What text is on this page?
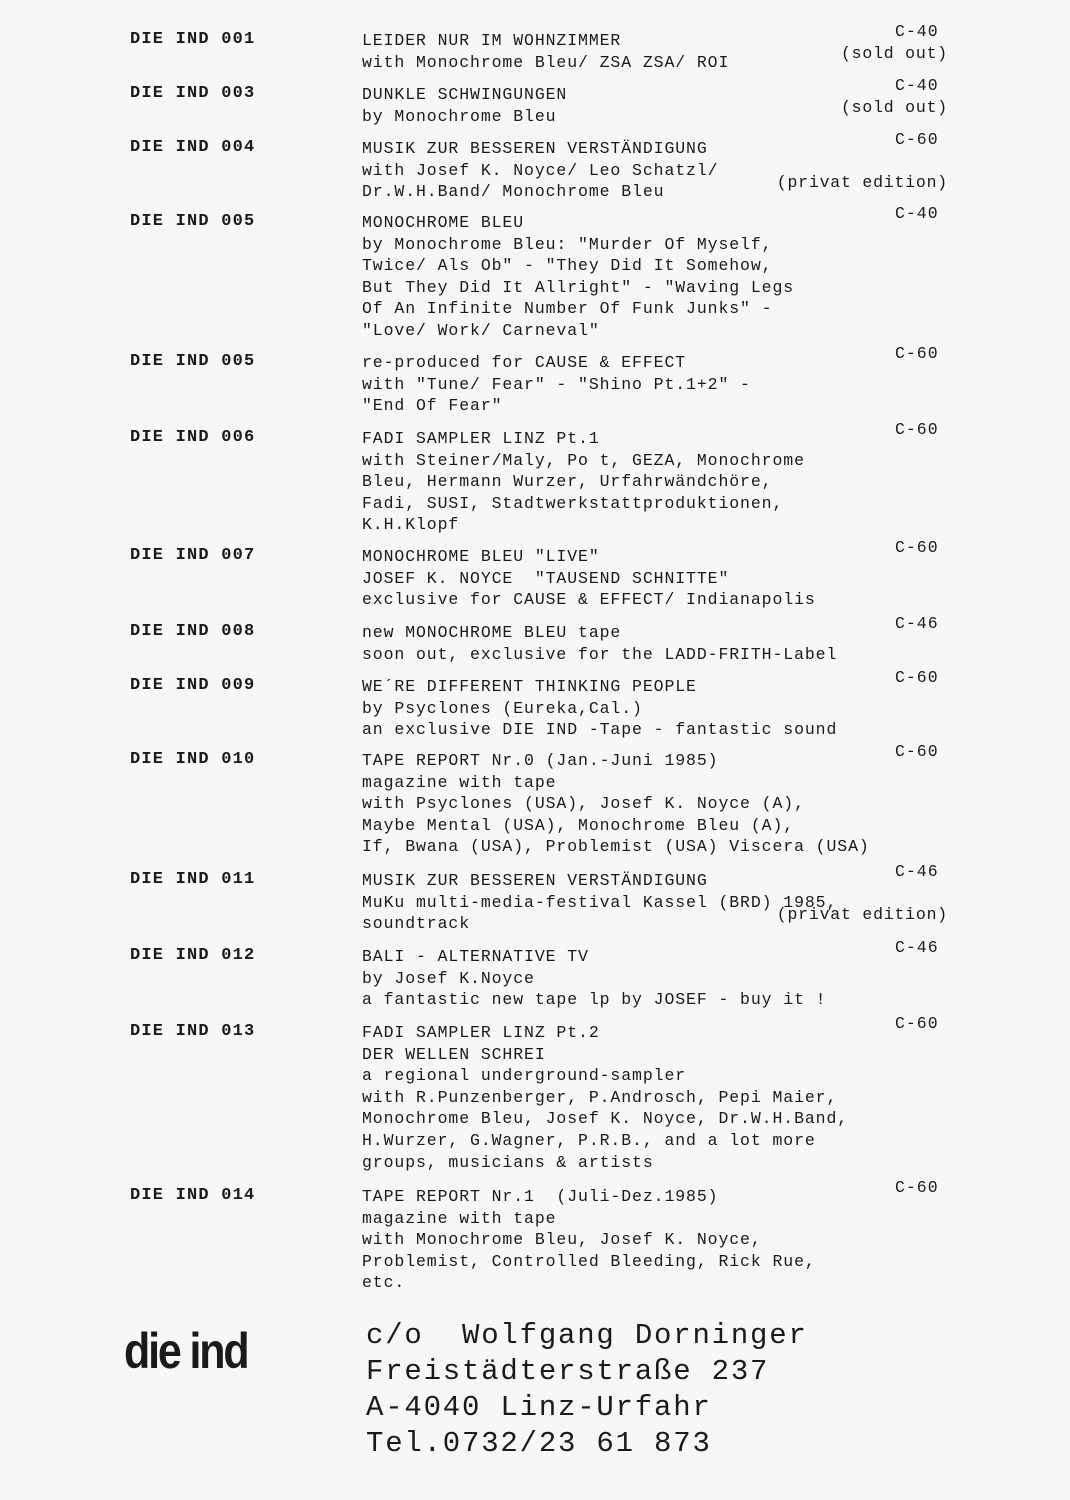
DIE IND 001	LEIDER NUR IM WOHNZIMMER
with Monochrome Bleu/ ZSA ZSA/ ROI
C-40
(sold out)
DIE IND 003	DUNKLE SCHWINGUNGEN
by Monochrome Bleu
C-40
(sold out)
DIE IND 004	MUSIK ZUR BESSEREN VERSTÄNDIGUNG
with Josef K. Noyce/ Leo Schatzl/
Dr.W.H.Band/ Monochrome Bleu
C-60
(privat edition)
DIE IND 005	MONOCHROME BLEU
by Monochrome Bleu: "Murder Of Myself,
Twice/ Als Ob" - "They Did It Somehow,
But They Did It Allright" - "Waving Legs
Of An Infinite Number Of Funk Junks" -
"Love/ Work/ Carneval"
C-40
DIE IND 005	re-produced for CAUSE & EFFECT
with "Tune/ Fear" - "Shino Pt.1+2" -
"End Of Fear"
C-60
DIE IND 006	FADI SAMPLER LINZ Pt.1
with Steiner/Maly, Po t, GEZA, Monochrome
Bleu, Hermann Wurzer, Urfahrwändchöre,
Fadi, SUSI, Stadtwerkstattproduktionen,
K.H.Klopf
C-60
DIE IND 007	MONOCHROME BLEU "LIVE"
JOSEF K. NOYCE  "TAUSEND SCHNITTE"
exclusive for CAUSE & EFFECT/ Indianapolis
C-60
DIE IND 008	new MONOCHROME BLEU tape
soon out, exclusive for the LADD-FRITH-Label
C-46
DIE IND 009	WE´RE DIFFERENT THINKING PEOPLE
by Psyclones (Eureka,Cal.)
an exclusive DIE IND -Tape - fantastic sound
C-60
DIE IND 010	TAPE REPORT Nr.0 (Jan.-Juni 1985)
magazine with tape
with Psyclones (USA), Josef K. Noyce (A),
Maybe Mental (USA), Monochrome Bleu (A),
If, Bwana (USA), Problemist (USA) Viscera (USA)
C-60
DIE IND 011	MUSIK ZUR BESSEREN VERSTÄNDIGUNG
MuKu multi-media-festival Kassel (BRD) 1985,
soundtrack
C-46
(privat edition)
DIE IND 012	BALI - ALTERNATIVE TV
by Josef K.Noyce
a fantastic new tape lp by JOSEF - buy it !
C-46
DIE IND 013	FADI SAMPLER LINZ Pt.2
DER WELLEN SCHREI
a regional underground-sampler
with R.Punzenberger, P.Androsch, Pepi Maier,
Monochrome Bleu, Josef K. Noyce, Dr.W.H.Band,
H.Wurzer, G.Wagner, P.R.B., and a lot more
groups, musicians & artists
C-60
DIE IND 014	TAPE REPORT Nr.1  (Juli-Dez.1985)
magazine with tape
with Monochrome Bleu, Josef K. Noyce,
Problemist, Controlled Bleeding, Rick Rue,
etc.
C-60
die ind	c/o  Wolfgang Dorninger
Freistädterstraße 237
A-4040 Linz-Urfahr
Tel.0732/23 61 873
